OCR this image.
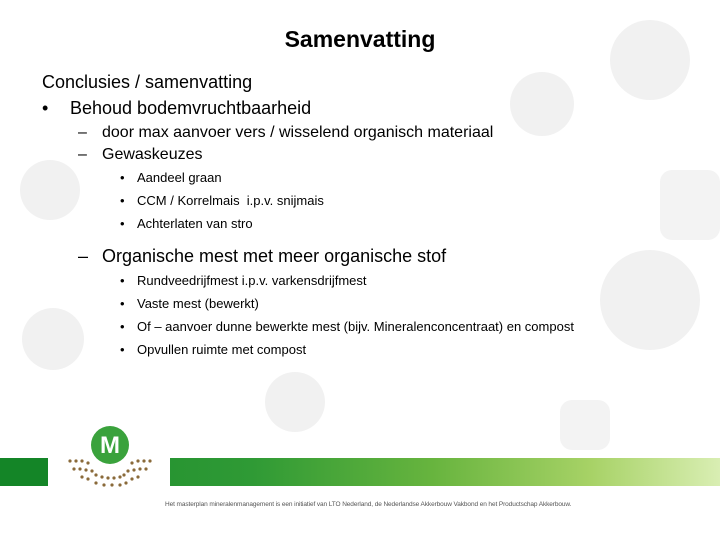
Samenvatting
Conclusies / samenvatting
•	Behoud bodemvruchtbaarheid
– door max aanvoer vers / wisselend organisch materiaal
– Gewaskeuzes
• Aandeel graan
• CCM / Korrelmais  i.p.v. snijmais
• Achterlaten van stro
– Organische mest met meer organische stof
• Rundveedrijfmest i.p.v. varkensdrijfmest
• Vaste mest (bewerkt)
• Of – aanvoer dunne bewerkte mest (bijv. Mineralenconcentraat) en compost
• Opvullen ruimte met compost
M
Het masterplan mineralenmanagement is een initiatief van LTO Nederland, de Nederlandse Akkerbouw Vakbond en het Productschap Akkerbouw.
